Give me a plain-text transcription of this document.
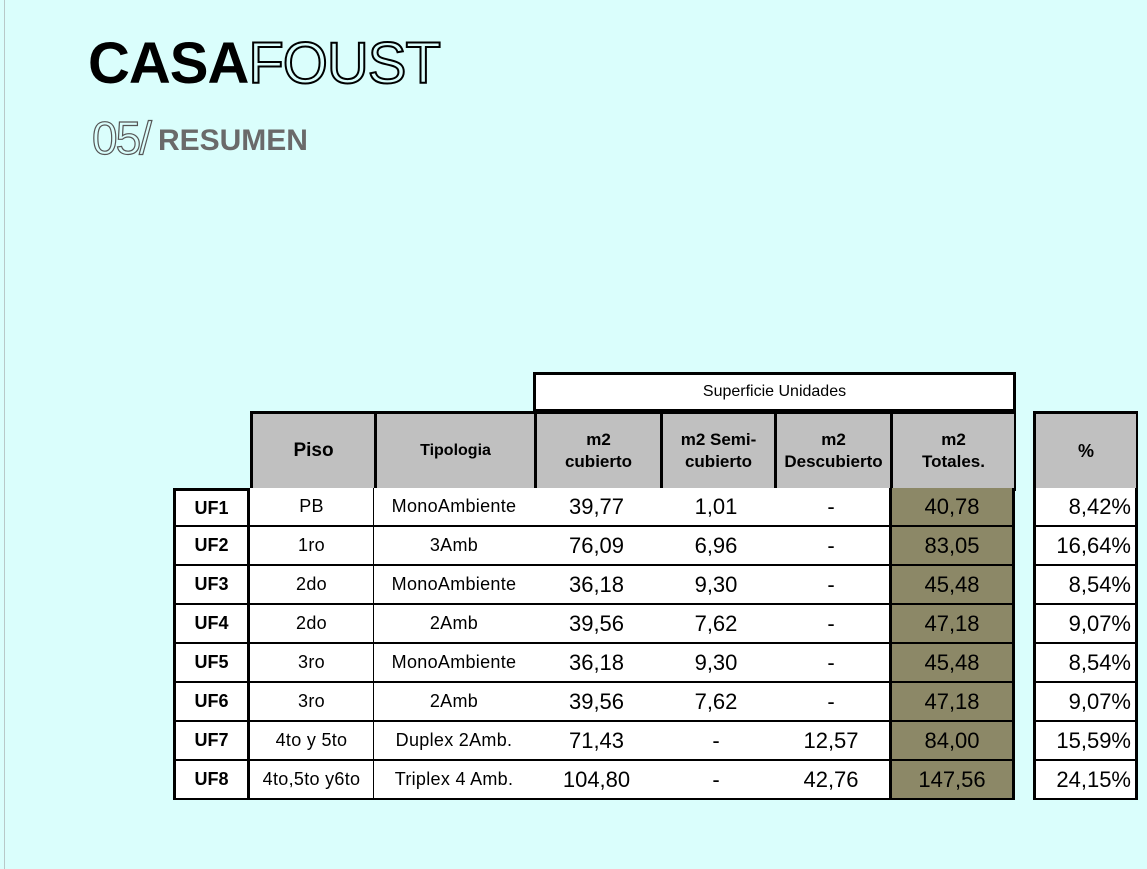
CASAFOUST
05/ RESUMEN
Superficie Unidades
Piso	Tipologia
m2
cubierto
m2 Semi-
cubierto
m2
Descubierto
m2
Totales.
%
UF1	PB	MonoAmbiente	39,77	1,01	-	40,78	8,42%
UF2	1ro	3Amb	76,09	6,96	-	83,05	16,64%
UF3	2do	MonoAmbiente	36,18	9,30	-	45,48	8,54%
UF4	2do	2Amb	39,56	7,62	-	47,18	9,07%
UF5	3ro	MonoAmbiente	36,18	9,30	-	45,48	8,54%
UF6	3ro	2Amb	39,56	7,62	-	47,18	9,07%
UF7	4to y 5to	Duplex 2Amb.	71,43	-	12,57	84,00	15,59%
UF8	4to,5to y6to	Triplex 4 Amb.	104,80	-	42,76	147,56	24,15%
